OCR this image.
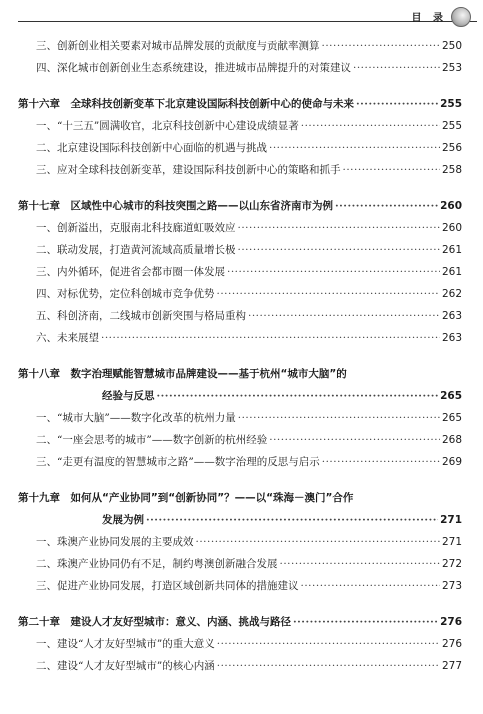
目 录
三、创新创业相关要素对城市品牌发展的贡献度与贡献率测算 ·····	250
四、深化城市创新创业生态系统建设，推进城市品牌提升的对策建议 ·····	253
第十六章　全球科技创新变革下北京建设国际科技创新中心的使命与未来 ·····	255
一、“十三五”圆满收官，北京科技创新中心建设成绩显著 ·····	255
二、北京建设国际科技创新中心面临的机遇与挑战 ·····	256
三、应对全球科技创新变革，建设国际科技创新中心的策略和抓手 ·····	258
第十七章　区域性中心城市的科技突围之路——以山东省济南市为例 ·····	260
一、创新溢出，克服南北科技廊道虹吸效应 ·····	260
二、联动发展，打造黄河流域高质量增长极 ·····	261
三、内外循环，促进省会都市圈一体发展 ·····	261
四、对标优势，定位科创城市竞争优势 ·····	262
五、科创济南，二线城市创新突围与格局重构 ·····	263
六、未来展望 ·····	263
第十八章　数字治理赋能智慧城市品牌建设——基于杭州“城市大脑”的
经验与反思 ·····	265
一、“城市大脑”——数字化改革的杭州力量 ·····	265
二、“一座会思考的城市”——数字创新的杭州经验 ·····	268
三、“走更有温度的智慧城市之路”——数字治理的反思与启示 ·····	269
第十九章　如何从“产业协同”到“创新协同”？——以“珠海－澳门”合作
发展为例 ·····	271
一、珠澳产业协同发展的主要成效 ·····	271
二、珠澳产业协同仍有不足，制约粤澳创新融合发展 ·····	272
三、促进产业协同发展，打造区域创新共同体的措施建议 ·····	273
第二十章　建设人才友好型城市：意义、内涵、挑战与路径 ·····	276
一、建设“人才友好型城市”的重大意义 ·····	276
二、建设“人才友好型城市”的核心内涵 ·····	277
